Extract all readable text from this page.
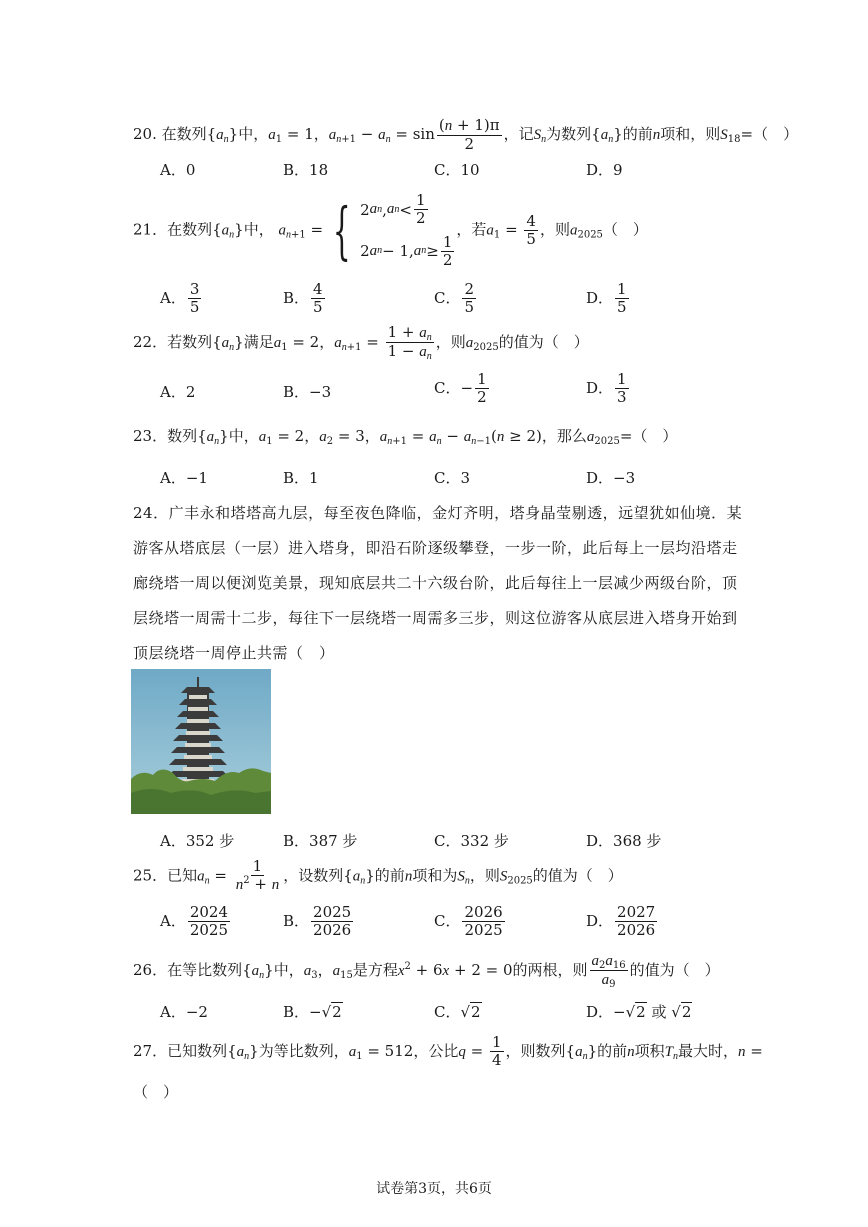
20. 在数列$\{a_n\}$中，$a_1 = 1$，$a_{n+1} - a_n = \sin \frac{(n + 1)\pi}{2}$ ，记$S_n$为数列$\{a_n\}$的前n项和，则$S_{18}=$（　）
A．0	B．18	C．10	D．9
21．在数列$\{a_n\}$中， $a_{n+1}$ = { 2 a n , a $n < \frac{1}{2}$
2 a n − 1, a $n \ge \frac{1}{2}$
，若$a_1 = \frac{4}{5}$ ，则$a_{2025}$（　）
A． $\frac{3}{5}$	B． $\frac{4}{5}$	C． $\frac{2}{5}$	D． $\frac{1}{5}$
22．若数列$\{a_n\}$满足$a_1 = 2$，$a_{n+1} = \frac{1 + a_n}{1 - a_n}$ ，则$a_{2025}$的值为（　）
A．2	B．−3	C．− $\frac{1}{2}$	D． $\frac{1}{3}$
23．数列$\{a_n\}$中，$a_1 = 2$，$a_2 = 3$，$a_{n+1} = a_n - a_{n-1}(n \ge 2)$，那么$a_{2025}=$（　）
A．−1	B．1	C．3	D．−3
24．广丰永和塔塔高九层，每至夜色降临，金灯齐明，塔身晶莹剔透，远望犹如仙境．某游客从塔底层（一层）进入塔身，即沿石阶逐级攀登，一步一阶，此后每上一层均沿塔走廊绕塔一周以便浏览美景，现知底层共二十六级台阶，此后每往上一层减少两级台阶，顶层绕塔一周需十二步，每往下一层绕塔一周需多三步，则这位游客从底层进入塔身开始到顶层绕塔一周停止共需（　）
A．352 步	B．387 步	C．332 步	D．368 步
25．已知$a_n = \frac{1}{n^2 + n}$ ，设数列$\{a_n\}$的前n项和为$S_n$，则$S_{2025}$的值为（　）
A． $\frac{2024}{2025}$	B． $\frac{2025}{2026}$	C． $\frac{2026}{2025}$	D． $\frac{2027}{2026}$
26．在等比数列$\{a_n\}$中，$a_3$，$a_{15}$是方程$x^2 + 6x + 2 = 0$的两根，则 $\frac{a_2a_{16}}{a_9}$ 的值为（　）
A．−2	B．−√2	C．√2	D．−√2 或 √2
27．已知数列$\{a_n\}$为等比数列，$a_1 = 512$，公比$q = \frac{1}{4}$ ，则数列$\{a_n\}$的前n项积$T_n$最大时，n =
（　）
试卷第3页，共6页
